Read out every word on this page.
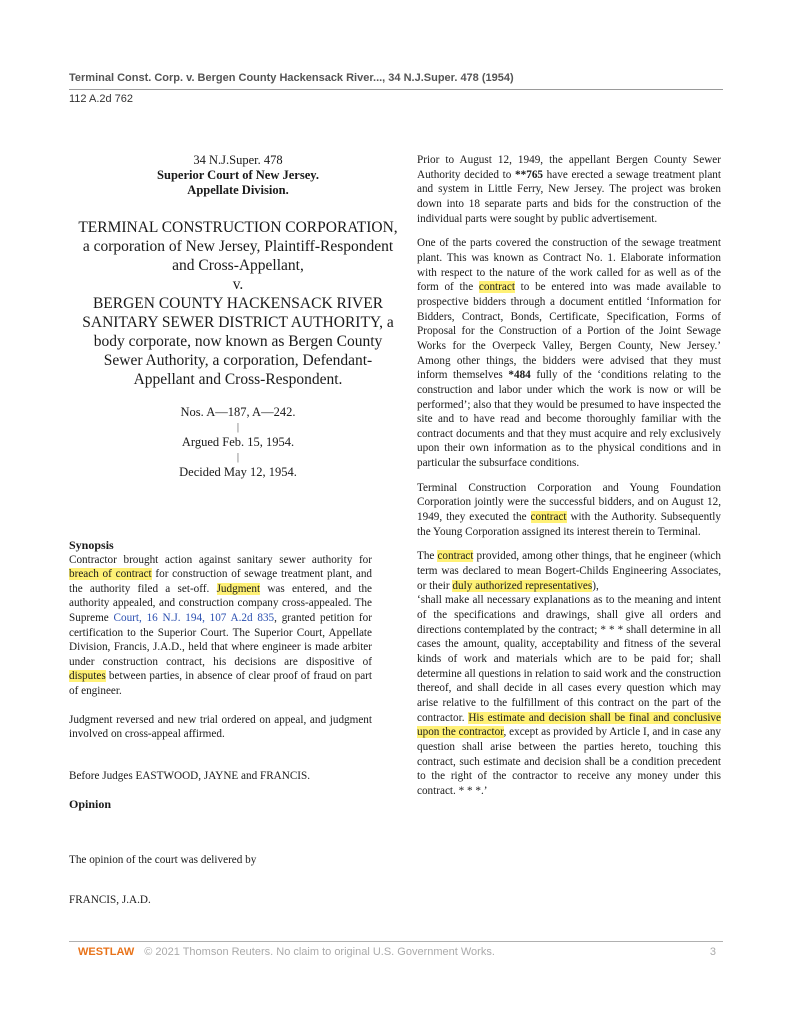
Terminal Const. Corp. v. Bergen County Hackensack River..., 34 N.J.Super. 478 (1954)
112 A.2d 762
34 N.J.Super. 478
Superior Court of New Jersey.
Appellate Division.
TERMINAL CONSTRUCTION CORPORATION, a corporation of New Jersey, Plaintiff-Respondent and Cross-Appellant,
v.
BERGEN COUNTY HACKENSACK RIVER SANITARY SEWER DISTRICT AUTHORITY, a body corporate, now known as Bergen County Sewer Authority, a corporation, Defendant-Appellant and Cross-Respondent.
Nos. A—187, A—242.
|
Argued Feb. 15, 1954.
|
Decided May 12, 1954.

Synopsis

Contractor brought action against sanitary sewer authority for breach of contract for construction of sewage treatment plant, and the authority filed a set-off. Judgment was entered, and the authority appealed, and construction company cross-appealed. The Supreme Court, 16 N.J. 194, 107 A.2d 835, granted petition for certification to the Superior Court. The Superior Court, Appellate Division, Francis, J.A.D., held that where engineer is made arbiter under construction contract, his decisions are dispositive of disputes between parties, in absence of clear proof of fraud on part of engineer.

Judgment reversed and new trial ordered on appeal, and judgment involved on cross-appeal affirmed.

Before Judges EASTWOOD, JAYNE and FRANCIS.

Opinion

The opinion of the court was delivered by

FRANCIS, J.A.D.

Prior to August 12, 1949, the appellant Bergen County Sewer Authority decided to **765 have erected a sewage treatment plant and system in Little Ferry, New Jersey. The project was broken down into 18 separate parts and bids for the construction of the individual parts were sought by public advertisement.

One of the parts covered the construction of the sewage treatment plant. This was known as Contract No. 1. Elaborate information with respect to the nature of the work called for as well as of the form of the contract to be entered into was made available to prospective bidders through a document entitled ‘Information for Bidders, Contract, Bonds, Certificate, Specification, Forms of Proposal for the Construction of a Portion of the Joint Sewage Works for the Overpeck Valley, Bergen County, New Jersey.’ Among other things, the bidders were advised that they must inform themselves *484 fully of the ‘conditions relating to the construction and labor under which the work is now or will be performed’; also that they would be presumed to have inspected the site and to have read and become thoroughly familiar with the contract documents and that they must acquire and rely exclusively upon their own information as to the physical conditions and in particular the subsurface conditions.

Terminal Construction Corporation and Young Foundation Corporation jointly were the successful bidders, and on August 12, 1949, they executed the contract with the Authority. Subsequently the Young Corporation assigned its interest therein to Terminal.

The contract provided, among other things, that he engineer (which term was declared to mean Bogert-Childs Engineering Associates, or their duly authorized representatives),

‘shall make all necessary explanations as to the meaning and intent of the specifications and drawings, shall give all orders and directions contemplated by the contract; * * * shall determine in all cases the amount, quality, acceptability and fitness of the several kinds of work and materials which are to be paid for; shall determine all questions in relation to said work and the construction thereof, and shall decide in all cases every question which may arise relative to the fulfillment of this contract on the part of the contractor. His estimate and decision shall be final and conclusive upon the contractor, except as provided by Article I, and in case any question shall arise between the parties hereto, touching this contract, such estimate and decision shall be a condition precedent to the right of the contractor to receive any money under this contract. * * *.’

WESTLAW © 2021 Thomson Reuters. No claim to original U.S. Government Works.	3
